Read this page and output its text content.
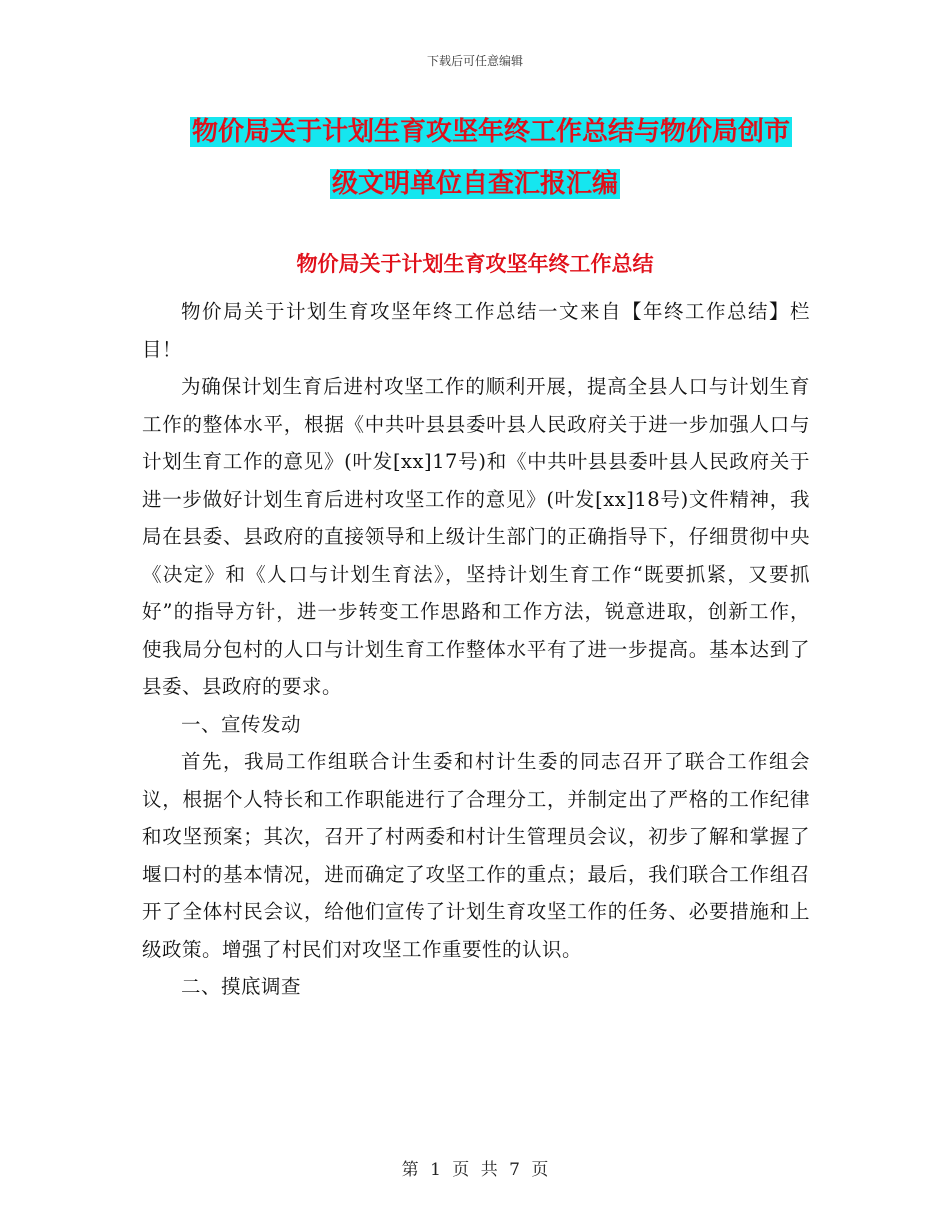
下载后可任意编辑
物价局关于计划生育攻坚年终工作总结与物价局创市
级文明单位自查汇报汇编
物价局关于计划生育攻坚年终工作总结

物价局关于计划生育攻坚年终工作总结一文来自【年终工作总结】栏目！

为确保计划生育后进村攻坚工作的顺利开展，提高全县人口与计划生育工作的整体水平，根据《中共叶县县委叶县人民政府关于进一步加强人口与计划生育工作的意见》(叶发[xx]17号)和《中共叶县县委叶县人民政府关于进一步做好计划生育后进村攻坚工作的意见》(叶发[xx]18号)文件精神，我局在县委、县政府的直接领导和上级计生部门的正确指导下，仔细贯彻中央 《决定》和《人口与计划生育法》，坚持计划生育工作“既要抓紧，又要抓好”的指导方针，进一步转变工作思路和工作方法，锐意进取，创新工作，使我局分包村的人口与计划生育工作整体水平有了进一步提高。基本达到了县委、县政府的要求。

一、宣传发动

首先，我局工作组联合计生委和村计生委的同志召开了联合工作组会议，根据个人特长和工作职能进行了合理分工，并制定出了严格的工作纪律和攻坚预案；其次，召开了村两委和村计生管理员会议，初步了解和掌握了堰口村的基本情况，进而确定了攻坚工作的重点；最后，我们联合工作组召开了全体村民会议，给他们宣传了计划生育攻坚工作的任务、必要措施和上级政策。增强了村民们对攻坚工作重要性的认识。

二、摸底调查

第 1 页 共 7 页
